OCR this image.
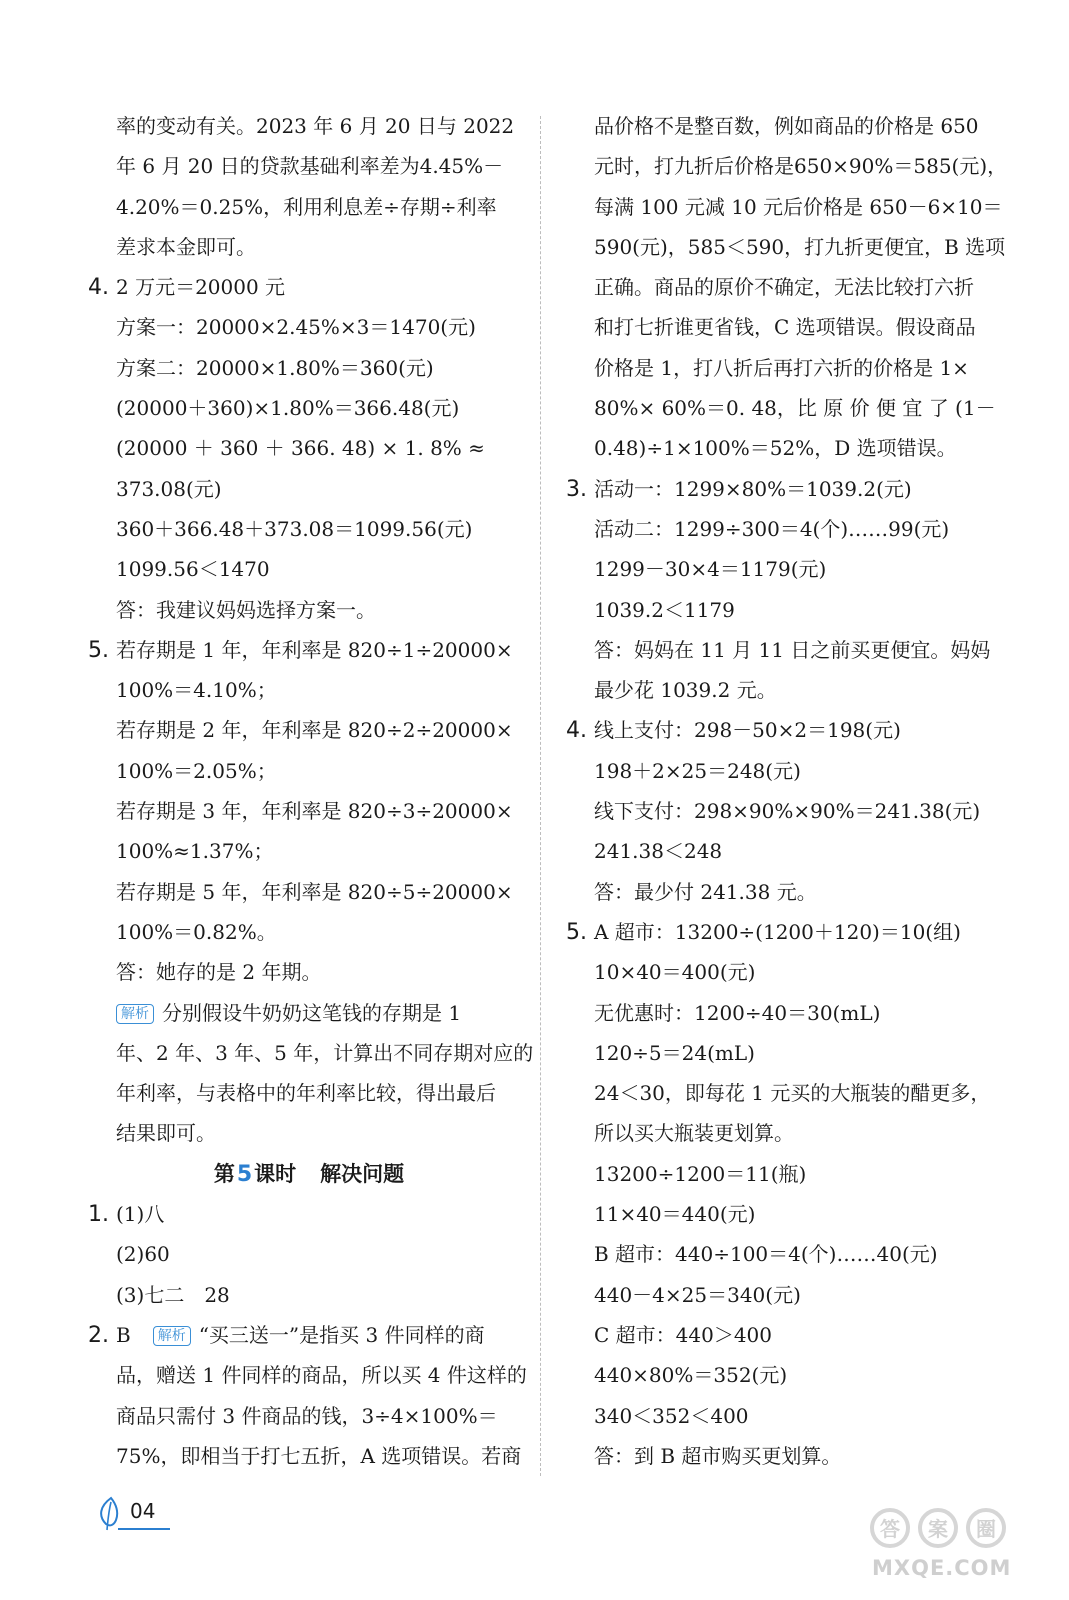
率的变动有关。2023 年 6 月 20 日与 2022
年 6 月 20 日的贷款基础利率差为4.45%－
4.20%＝0.25%，利用利息差÷存期÷利率
差求本金即可。
4. 2 万元＝20000 元
方案一：20000×2.45%×3＝1470(元)
方案二：20000×1.80%＝360(元)
(20000＋360)×1.80%＝366.48(元)
(20000 ＋ 360 ＋ 366. 48) × 1. 8% ≈
373.08(元)
360＋366.48＋373.08＝1099.56(元)
1099.56＜1470
答：我建议妈妈选择方案一。
5. 若存期是 1 年，年利率是 820÷1÷20000×
100%＝4.10%；
若存期是 2 年，年利率是 820÷2÷20000×
100%＝2.05%；
若存期是 3 年，年利率是 820÷3÷20000×
100%≈1.37%；
若存期是 5 年，年利率是 820÷5÷20000×
100%＝0.82%。
答：她存的是 2 年期。
解析 分别假设牛奶奶这笔钱的存期是 1
年、2 年、3 年、5 年，计算出不同存期对应的
年利率，与表格中的年利率比较，得出最后
结果即可。
第5课时 解决问题
1. (1)八
(2)60
(3)七二　28
2. B 解析 “买三送一”是指买 3 件同样的商
品，赠送 1 件同样的商品，所以买 4 件这样的
商品只需付 3 件商品的钱，3÷4×100%＝
75%，即相当于打七五折，A 选项错误。若商
品价格不是整百数，例如商品的价格是 650
元时，打九折后价格是650×90%＝585(元)，
每满 100 元减 10 元后价格是 650－6×10＝
590(元)，585＜590，打九折更便宜，B 选项
正确。商品的原价不确定，无法比较打六折
和打七折谁更省钱，C 选项错误。假设商品
价格是 1，打八折后再打六折的价格是 1×
80%× 60%＝0. 48，比 原 价 便 宜 了 (1－
0.48)÷1×100%＝52%，D 选项错误。
3. 活动一：1299×80%＝1039.2(元)
活动二：1299÷300＝4(个)……99(元)
1299－30×4＝1179(元)
1039.2＜1179
答：妈妈在 11 月 11 日之前买更便宜。妈妈
最少花 1039.2 元。
4. 线上支付：298－50×2＝198(元)
198＋2×25＝248(元)
线下支付：298×90%×90%＝241.38(元)
241.38＜248
答：最少付 241.38 元。
5. A 超市：13200÷(1200＋120)＝10(组)
10×40＝400(元)
无优惠时：1200÷40＝30(mL)
120÷5＝24(mL)
24＜30，即每花 1 元买的大瓶装的醋更多，
所以买大瓶装更划算。
13200÷1200＝11(瓶)
11×40＝440(元)
B 超市：440÷100＝4(个)……40(元)
440－4×25＝340(元)
C 超市：440＞400
440×80%＝352(元)
340＜352＜400
答：到 B 超市购买更划算。
04
答 案 圈
MXQE.COM
